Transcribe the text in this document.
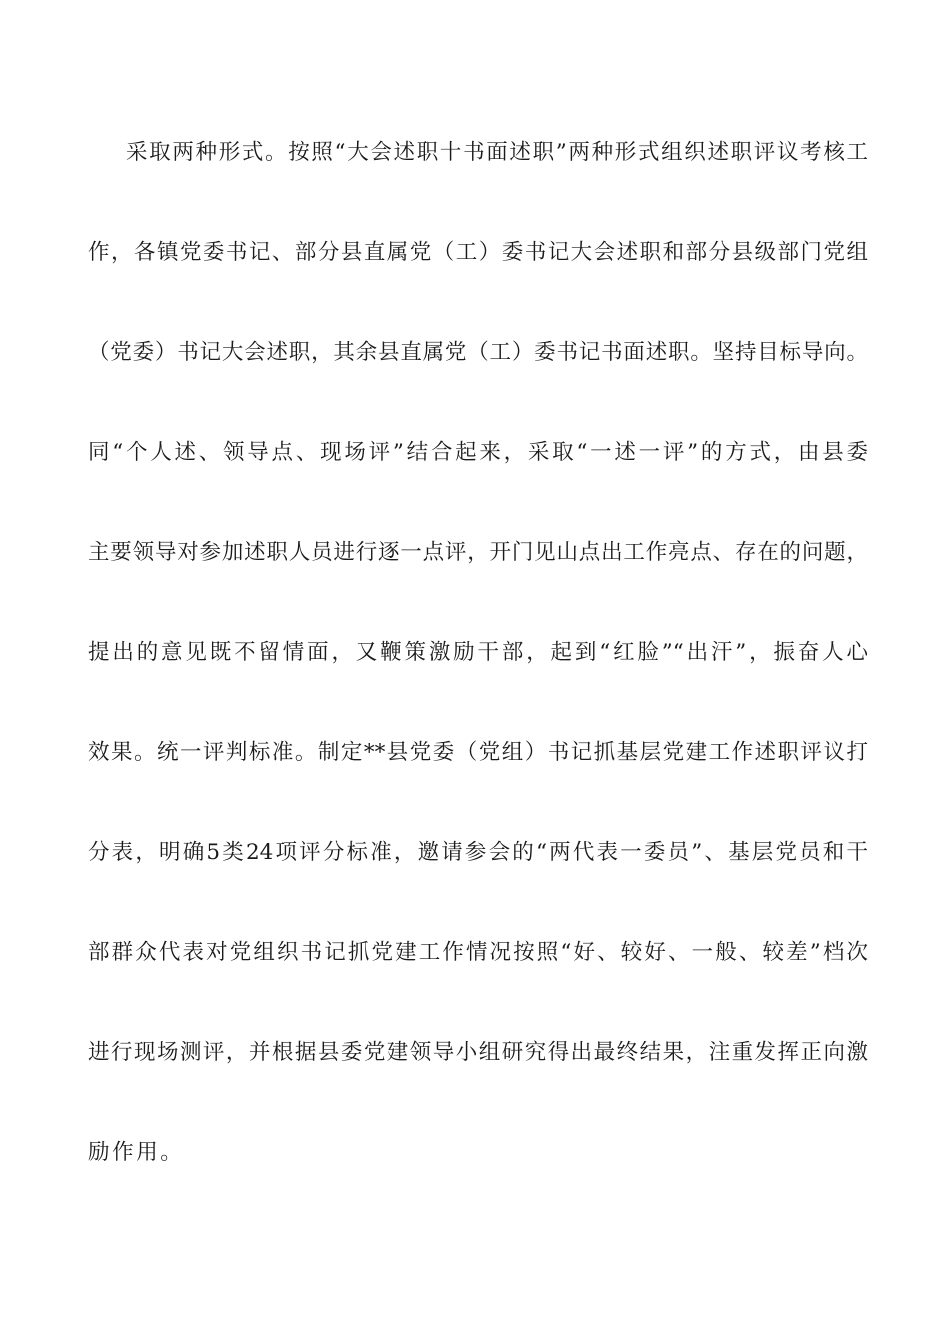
采取两种形式。按照“大会述职十书面述职”两种形式组织述职评议考核工
作，各镇党委书记、部分县直属党（工）委书记大会述职和部分县级部门党组
（党委）书记大会述职，其余县直属党（工）委书记书面述职。坚持目标导向。
同“个人述、领导点、现场评”结合起来，采取“一述一评”的方式，由县委
主要领导对参加述职人员进行逐一点评，开门见山点出工作亮点、存在的问题，
提出的意见既不留情面，又鞭策激励干部，起到“红脸”“出汗”，振奋人心
效果。统一评判标准。制定**县党委（党组）书记抓基层党建工作述职评议打
分表，明确5类24项评分标准，邀请参会的“两代表一委员”、基层党员和干
部群众代表对党组织书记抓党建工作情况按照“好、较好、一般、较差”档次
进行现场测评，并根据县委党建领导小组研究得出最终结果，注重发挥正向激
励作用。
